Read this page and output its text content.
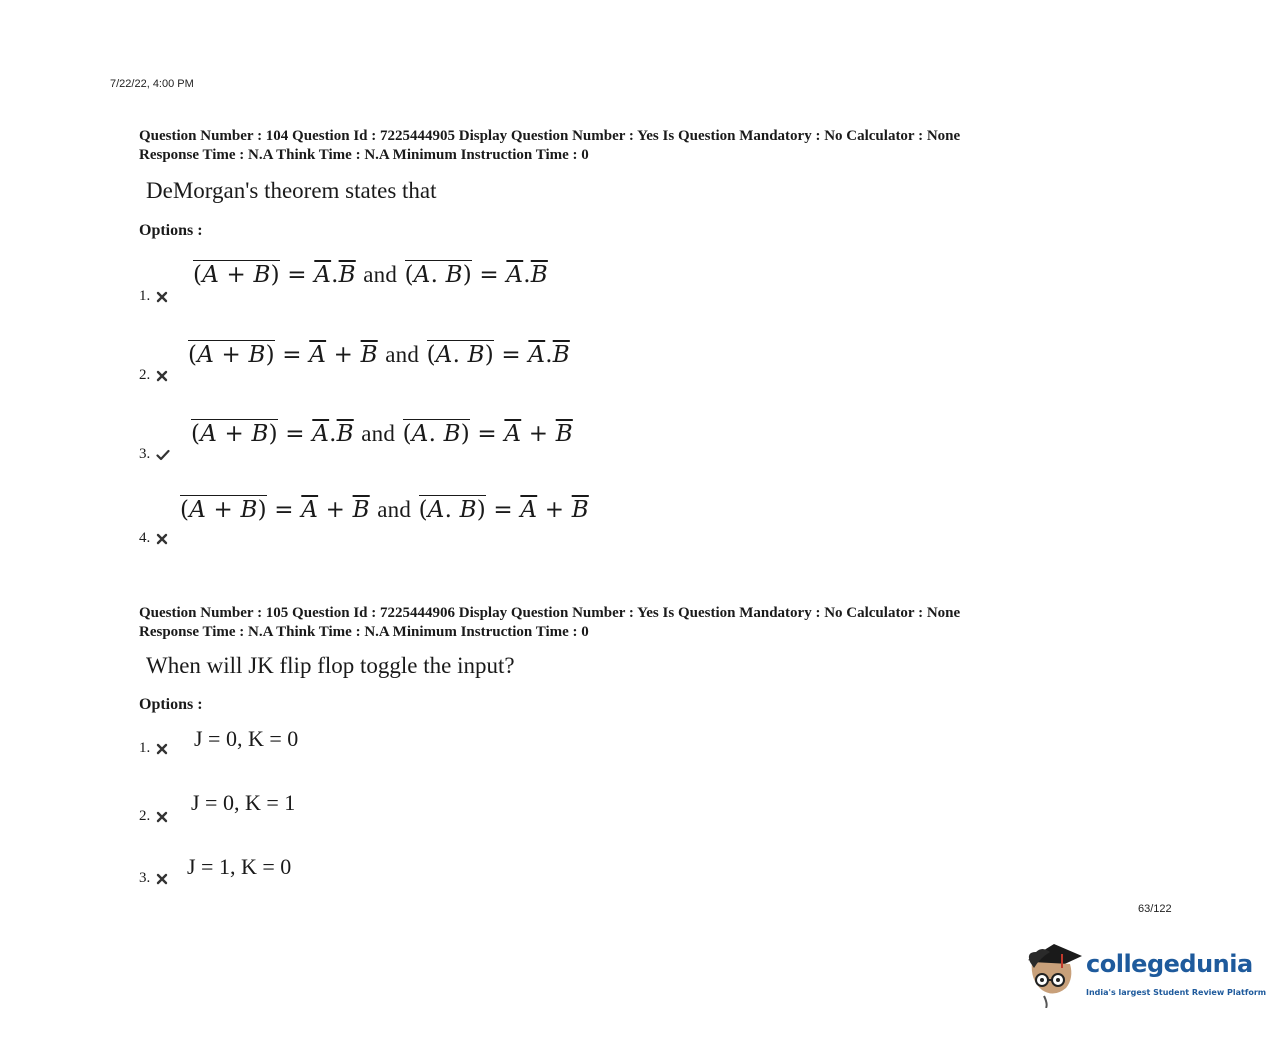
7/22/22, 4:00 PM
Question Number : 104 Question Id : 7225444905 Display Question Number : Yes Is Question Mandatory : No Calculator : None
Response Time : N.A Think Time : N.A Minimum Instruction Time : 0
DeMorgan's theorem states that
Options :
1.
$(A + B) = \overline{A}.\overline{B}$ and (A. $B) = \overline{A}.\overline{B}$
2.
$(A + B) = \overline{A} + \overline{B}$ and (A. $B) = \overline{A}.\overline{B}$
3.
$(A + B) = \overline{A}.\overline{B}$ and (A. $B) = \overline{A} + \overline{B}$
4.
$(A + B) = \overline{A} + \overline{B}$ and (A. $B) = \overline{A} + \overline{B}$
Question Number : 105 Question Id : 7225444906 Display Question Number : Yes Is Question Mandatory : No Calculator : None
Response Time : N.A Think Time : N.A Minimum Instruction Time : 0
When will JK flip flop toggle the input?
Options :
1. J = 0, K = 0
2.
J = 0, K = 1
3. J = 1, K = 0
63/122
collegedunia
India's largest Student Review Platform
